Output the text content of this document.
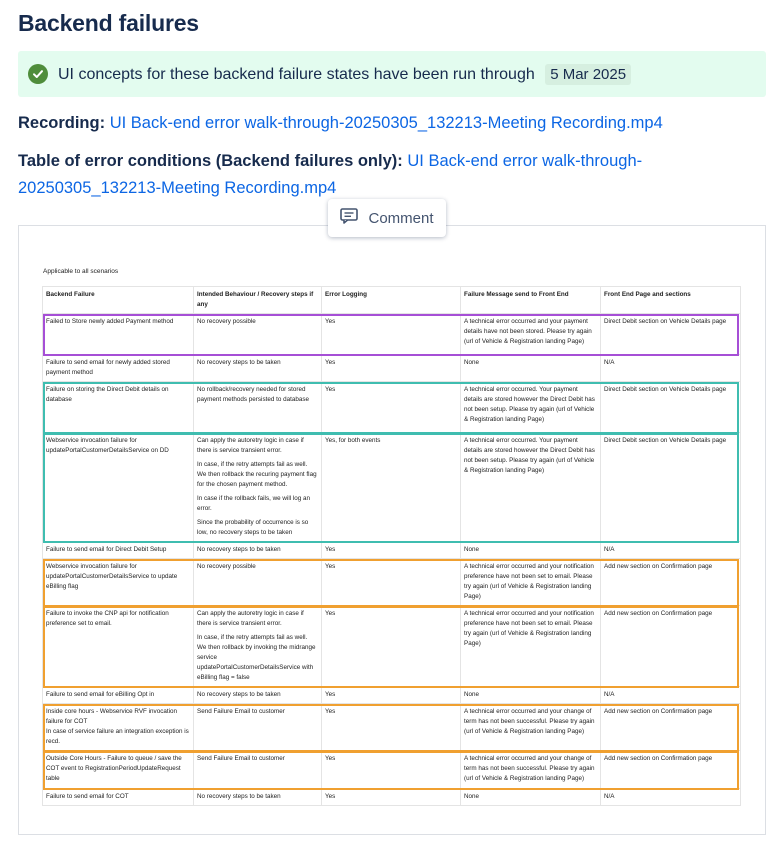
Backend failures
UI concepts for these backend failure states have been run through 5 Mar 2025
Recording: UI Back-end error walk-through-20250305_132213-Meeting Recording.mp4
Table of error conditions (Backend failures only): UI Back-end error walk-through-20250305_132213-Meeting Recording.mp4
Comment
Applicable to all scenarios
Backend Failure	Intended Behaviour / Recovery steps if any	Error Logging	Failure Message send to Front End	Front End Page and sections
Failed to Store newly added Payment method	No recovery possible	Yes	A technical error occurred and your payment details have not been stored. Please try again (url of Vehicle & Registration landing Page)	Direct Debit section on Vehicle Details page
Failure to send email for newly added stored payment method	No recovery steps to be taken	Yes	None	N/A
Failure on storing the Direct Debit details on database	No rollback/recovery needed for stored payment methods persisted to database	Yes	A technical error occurred. Your payment details are stored however the Direct Debit has not been setup. Please try again (url of Vehicle & Registration landing Page)	Direct Debit section on Vehicle Details page
Webservice invocation failure for updatePortalCustomerDetailsService on DD	Can apply the autoretry logic in case if there is service transient error.

In case, if the retry attempts fail as well. We then rollback the recuring payment flag for the chosen payment method.

In case if the rollback fails, we will log an error.

Since the probability of occurrence is so low, no recovery steps to be taken	Yes, for both events	A technical error occurred. Your payment details are stored however the Direct Debit has not been setup. Please try again (url of Vehicle & Registration landing Page)	Direct Debit section on Vehicle Details page
Failure to send email for Direct Debit Setup	No recovery steps to be taken	Yes	None	N/A
Webservice invocation failure for updatePortalCustomerDetailsService to update eBilling flag	No recovery possible	Yes	A technical error occurred and your notification preference have not been set to email. Please try again (url of Vehicle & Registration landing Page)	Add new section on Confirmation page
Failure to invoke the CNP api for notification preference set to email.	Can apply the autoretry logic in case if there is service transient error.

In case, if the retry attempts fail as well. We then rollback by invoking the midrange service updatePortalCustomerDetailsService with eBilling flag = false	Yes	A technical error occurred and your notification preference have not been set to email. Please try again (url of Vehicle & Registration landing Page)	Add new section on Confirmation page
Failure to send email for eBilling Opt in	No recovery steps to be taken	Yes	None	N/A
Inside core hours - Webservice RVF invocation failure for COT
In case of service failure an integration exception is recd.	Send Failure Email to customer	Yes	A technical error occurred and your change of term has not been successful. Please try again (url of Vehicle & Registration landing Page)	Add new section on Confirmation page
Outside Core Hours - Failure to queue / save the COT event to RegistrationPeriodUpdateRequest table	Send Failure Email to customer	Yes	A technical error occurred and your change of term has not been successful. Please try again (url of Vehicle & Registration landing Page)	Add new section on Confirmation page
Failure to send email for COT	No recovery steps to be taken	Yes	None	N/A
